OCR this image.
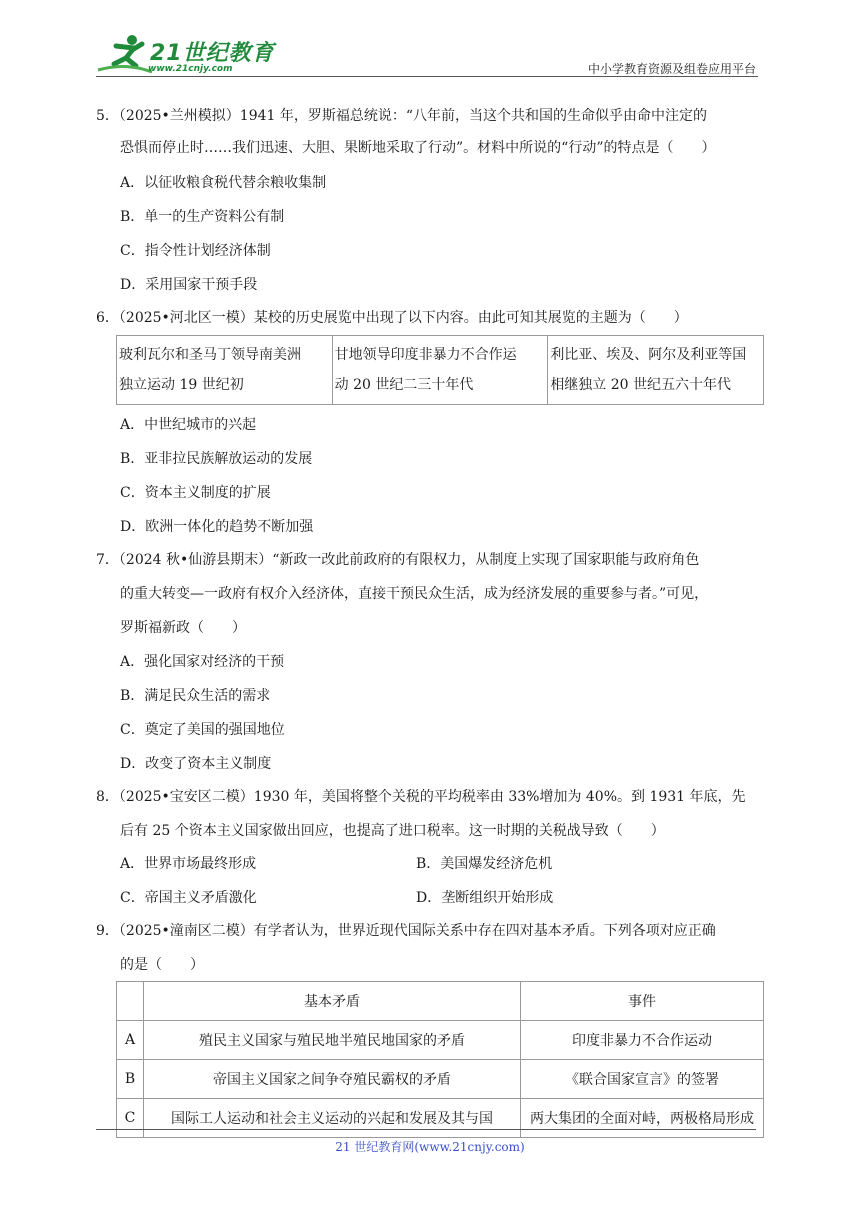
21世纪教育
www.21cnjy.com	中小学教育资源及组卷应用平台
5．（2025•兰州模拟）1941 年，罗斯福总统说：“八年前，当这个共和国的生命似乎由命中注定的
恐惧而停止时……我们迅速、大胆、果断地采取了行动”。材料中所说的“行动”的特点是（　　）
A．以征收粮食税代替余粮收集制
B．单一的生产资料公有制
C．指令性计划经济体制
D．采用国家干预手段
6．（2025•河北区一模）某校的历史展览中出现了以下内容。由此可知其展览的主题为（　　）
玻利瓦尔和圣马丁领导南美洲
独立运动 19 世纪初

甘地领导印度非暴力不合作运
动 20 世纪二三十年代

利比亚、埃及、阿尔及利亚等国
相继独立 20 世纪五六十年代
A．中世纪城市的兴起
B．亚非拉民族解放运动的发展
C．资本主义制度的扩展
D．欧洲一体化的趋势不断加强
7．（2024 秋•仙游县期末）“新政一改此前政府的有限权力，从制度上实现了国家职能与政府角色
的重大转变—一政府有权介入经济体，直接干预民众生活，成为经济发展的重要参与者。”可见，
罗斯福新政（　　）
A．强化国家对经济的干预
B．满足民众生活的需求
C．奠定了美国的强国地位
D．改变了资本主义制度
8．（2025•宝安区二模）1930 年，美国将整个关税的平均税率由 33%增加为 40%。到 1931 年底，先
后有 25 个资本主义国家做出回应，也提高了进口税率。这一时期的关税战导致（　　）
A．世界市场最终形成	B．美国爆发经济危机
C．帝国主义矛盾激化	D．垄断组织开始形成
9．（2025•潼南区二模）有学者认为，世界近现代国际关系中存在四对基本矛盾。下列各项对应正确
的是（　　）
	基本矛盾	事件
A	殖民主义国家与殖民地半殖民地国家的矛盾	印度非暴力不合作运动
B	帝国主义国家之间争夺殖民霸权的矛盾	《联合国家宣言》的签署
C	国际工人运动和社会主义运动的兴起和发展及其与国	两大集团的全面对峙，两极格局形成
21 世纪教育网(www.21cnjy.com)
